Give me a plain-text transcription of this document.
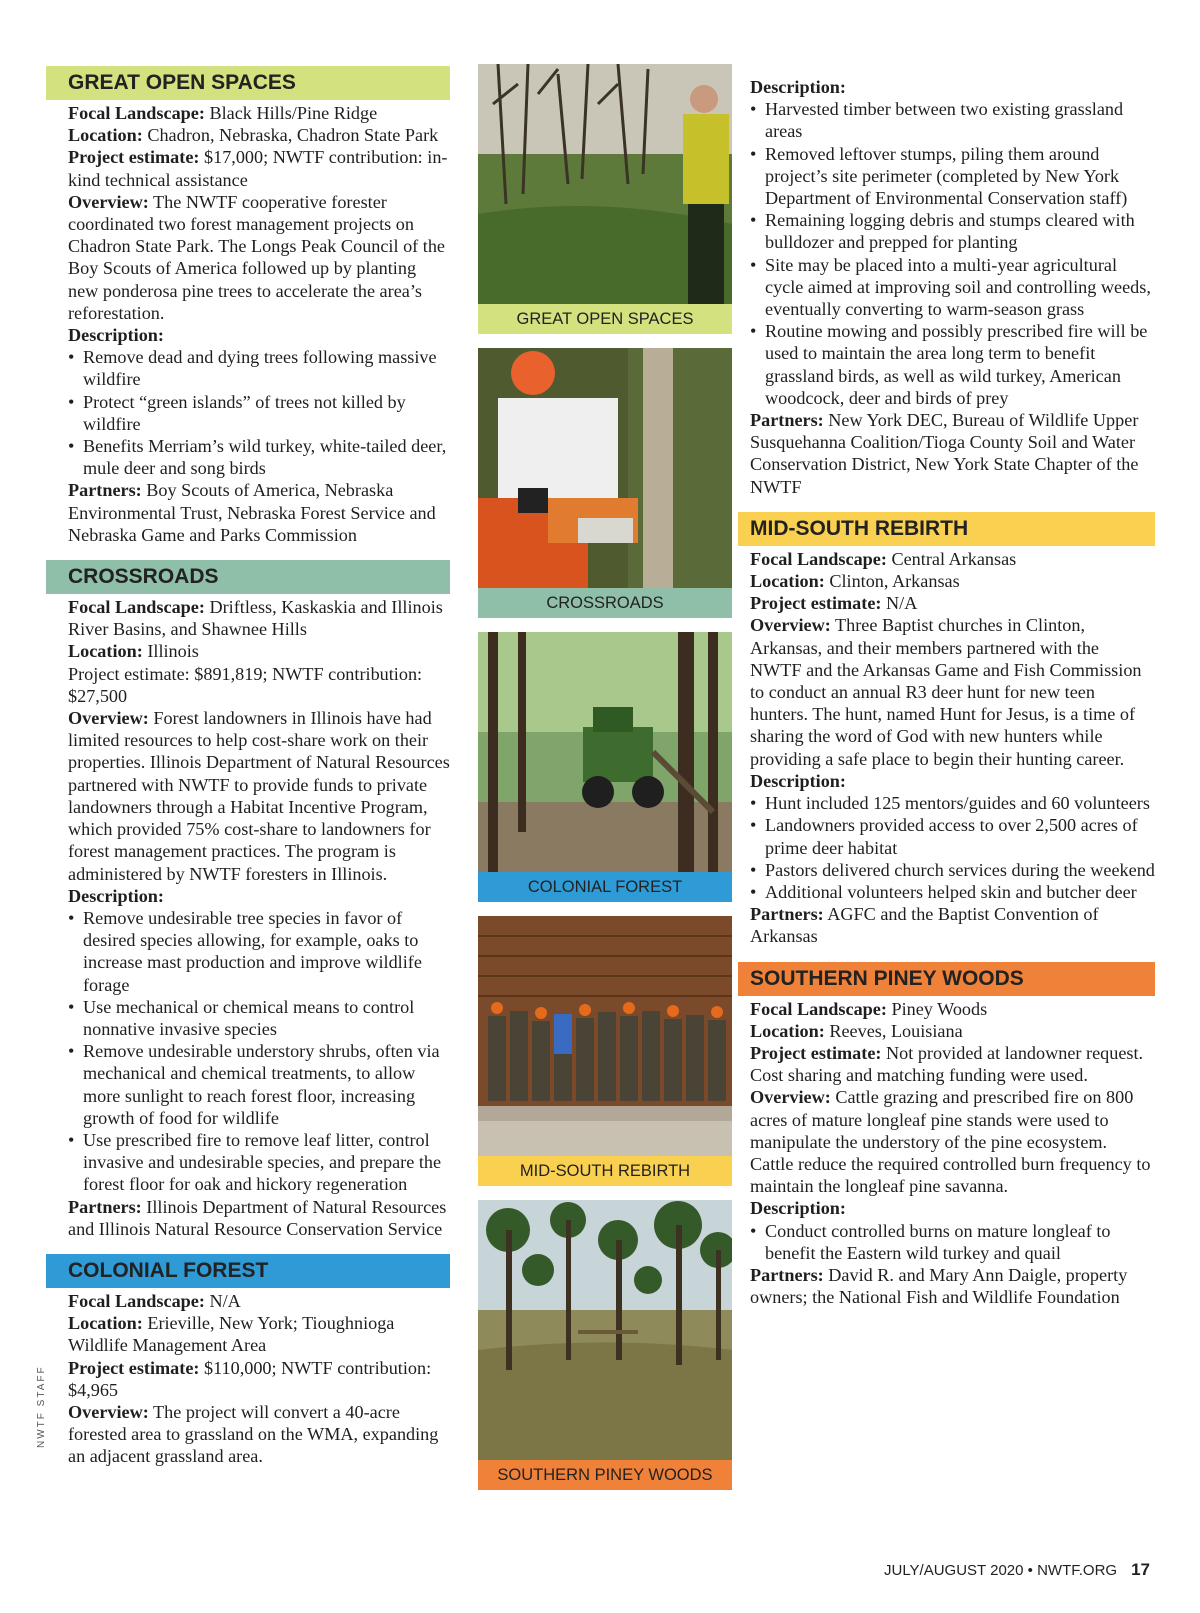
GREAT OPEN SPACES

Focal Landscape: Black Hills/Pine Ridge

Location: Chadron, Nebraska, Chadron State Park

Project estimate: $17,000; NWTF contribution: in-kind technical assistance

Overview: The NWTF cooperative forester coordinated two forest management projects on Chadron State Park. The Longs Peak Council of the Boy Scouts of America followed up by planting new ponderosa pine trees to accelerate the area’s reforestation.

Description:

• Remove dead and dying trees following massive wildfire
• Protect “green islands” of trees not killed by wildfire
• Benefits Merriam’s wild turkey, white-tailed deer, mule deer and song birds

Partners: Boy Scouts of America, Nebraska Environmental Trust, Nebraska Forest Service and Nebraska Game and Parks Commission

CROSSROADS

Focal Landscape: Driftless, Kaskaskia and Illinois River Basins, and Shawnee Hills

Location: Illinois

Project estimate: $891,819; NWTF contribution: $27,500

Overview: Forest landowners in Illinois have had limited resources to help cost-share work on their properties. Illinois Department of Natural Resources partnered with NWTF to provide funds to private landowners through a Habitat Incentive Program, which provided 75% cost-share to landowners for forest management practices. The program is administered by NWTF foresters in Illinois.

Description:

• Remove undesirable tree species in favor of desired species allowing, for example, oaks to increase mast production and improve wildlife forage
• Use mechanical or chemical means to control nonnative invasive species
• Remove undesirable understory shrubs, often via mechanical and chemical treatments, to allow more sunlight to reach forest floor, increasing growth of food for wildlife
• Use prescribed fire to remove leaf litter, control invasive and undesirable species, and prepare the forest floor for oak and hickory regeneration

Partners: Illinois Department of Natural Resources and Illinois Natural Resource Conservation Service

COLONIAL FOREST

Focal Landscape: N/A

Location: Erieville, New York; Tioughnioga Wildlife Management Area

Project estimate: $110,000; NWTF contribution: $4,965

Overview: The project will convert a 40-acre forested area to grassland on the WMA, expanding an adjacent grassland area.

GREAT OPEN SPACES
CROSSROADS
COLONIAL FOREST
MID-SOUTH REBIRTH
SOUTHERN PINEY WOODS

Description:

• Harvested timber between two existing grassland areas
• Removed leftover stumps, piling them around project’s site perimeter (completed by New York Department of Environmental Conservation staff)
• Remaining logging debris and stumps cleared with bulldozer and prepped for planting
• Site may be placed into a multi-year agricultural cycle aimed at improving soil and controlling weeds, eventually converting to warm-season grass
• Routine mowing and possibly prescribed fire will be used to maintain the area long term to benefit grassland birds, as well as wild turkey, American woodcock, deer and birds of prey

Partners: New York DEC, Bureau of Wildlife Upper Susquehanna Coalition/Tioga County Soil and Water Conservation District, New York State Chapter of the NWTF

MID-SOUTH REBIRTH

Focal Landscape: Central Arkansas

Location: Clinton, Arkansas

Project estimate: N/A

Overview: Three Baptist churches in Clinton, Arkansas, and their members partnered with the NWTF and the Arkansas Game and Fish Commission to conduct an annual R3 deer hunt for new teen hunters. The hunt, named Hunt for Jesus, is a time of sharing the word of God with new hunters while providing a safe place to begin their hunting career.

Description:

• Hunt included 125 mentors/guides and 60 volunteers
• Landowners provided access to over 2,500 acres of prime deer habitat
• Pastors delivered church services during the weekend
• Additional volunteers helped skin and butcher deer

Partners: AGFC and the Baptist Convention of Arkansas

SOUTHERN PINEY WOODS

Focal Landscape: Piney Woods

Location: Reeves, Louisiana

Project estimate: Not provided at landowner request. Cost sharing and matching funding were used.

Overview: Cattle grazing and prescribed fire on 800 acres of mature longleaf pine stands were used to manipulate the understory of the pine ecosystem. Cattle reduce the required controlled burn frequency to maintain the longleaf pine savanna.

Description:

• Conduct controlled burns on mature longleaf to benefit the Eastern wild turkey and quail

Partners: David R. and Mary Ann Daigle, property owners; the National Fish and Wildlife Foundation

NWTF STAFF
JULY/AUGUST 2020 • NWTF.ORG 17
